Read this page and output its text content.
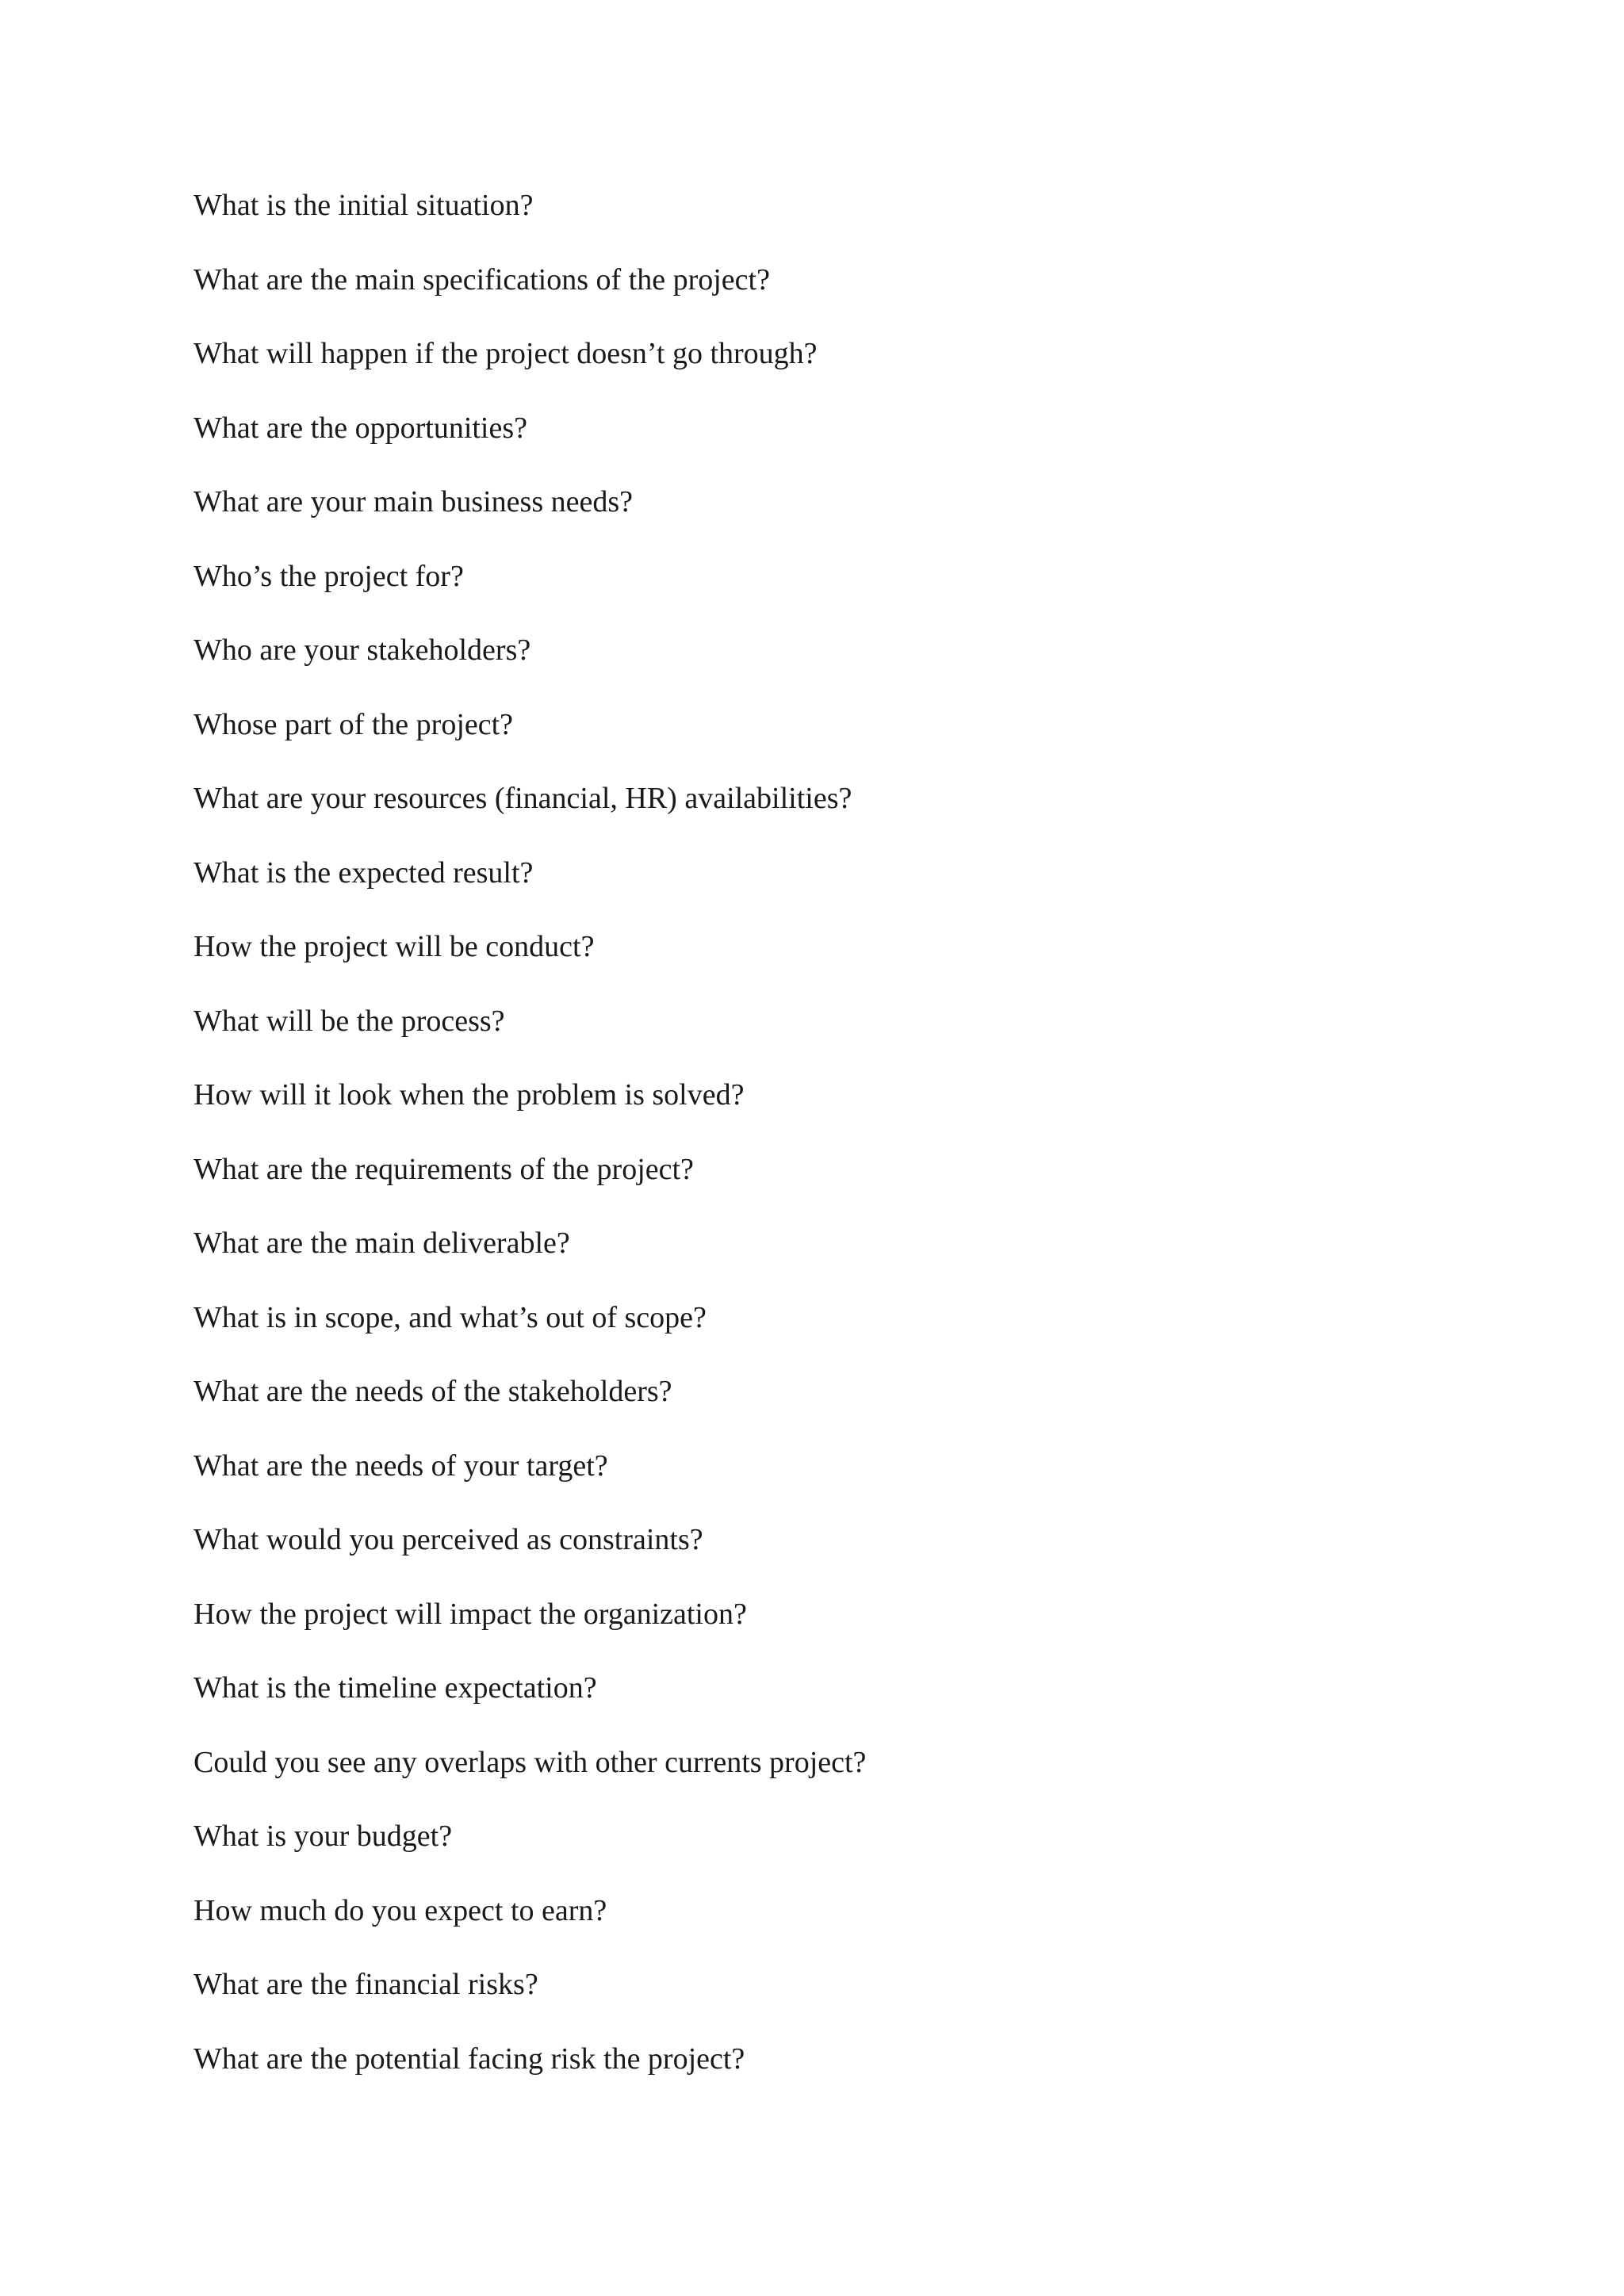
What is the initial situation?
What are the main specifications of the project?
What will happen if the project doesn’t go through?
What are the opportunities?
What are your main business needs?
Who’s the project for?
Who are your stakeholders?
Whose part of the project?
What are your resources (financial, HR) availabilities?
What is the expected result?
How the project will be conduct?
What will be the process?
How will it look when the problem is solved?
What are the requirements of the project?
What are the main deliverable?
What is in scope, and what’s out of scope?
What are the needs of the stakeholders?
What are the needs of your target?
What would you perceived as constraints?
How the project will impact the organization?
What is the timeline expectation?
Could you see any overlaps with other currents project?
What is your budget?
How much do you expect to earn?
What are the financial risks?
What are the potential facing risk the project?
